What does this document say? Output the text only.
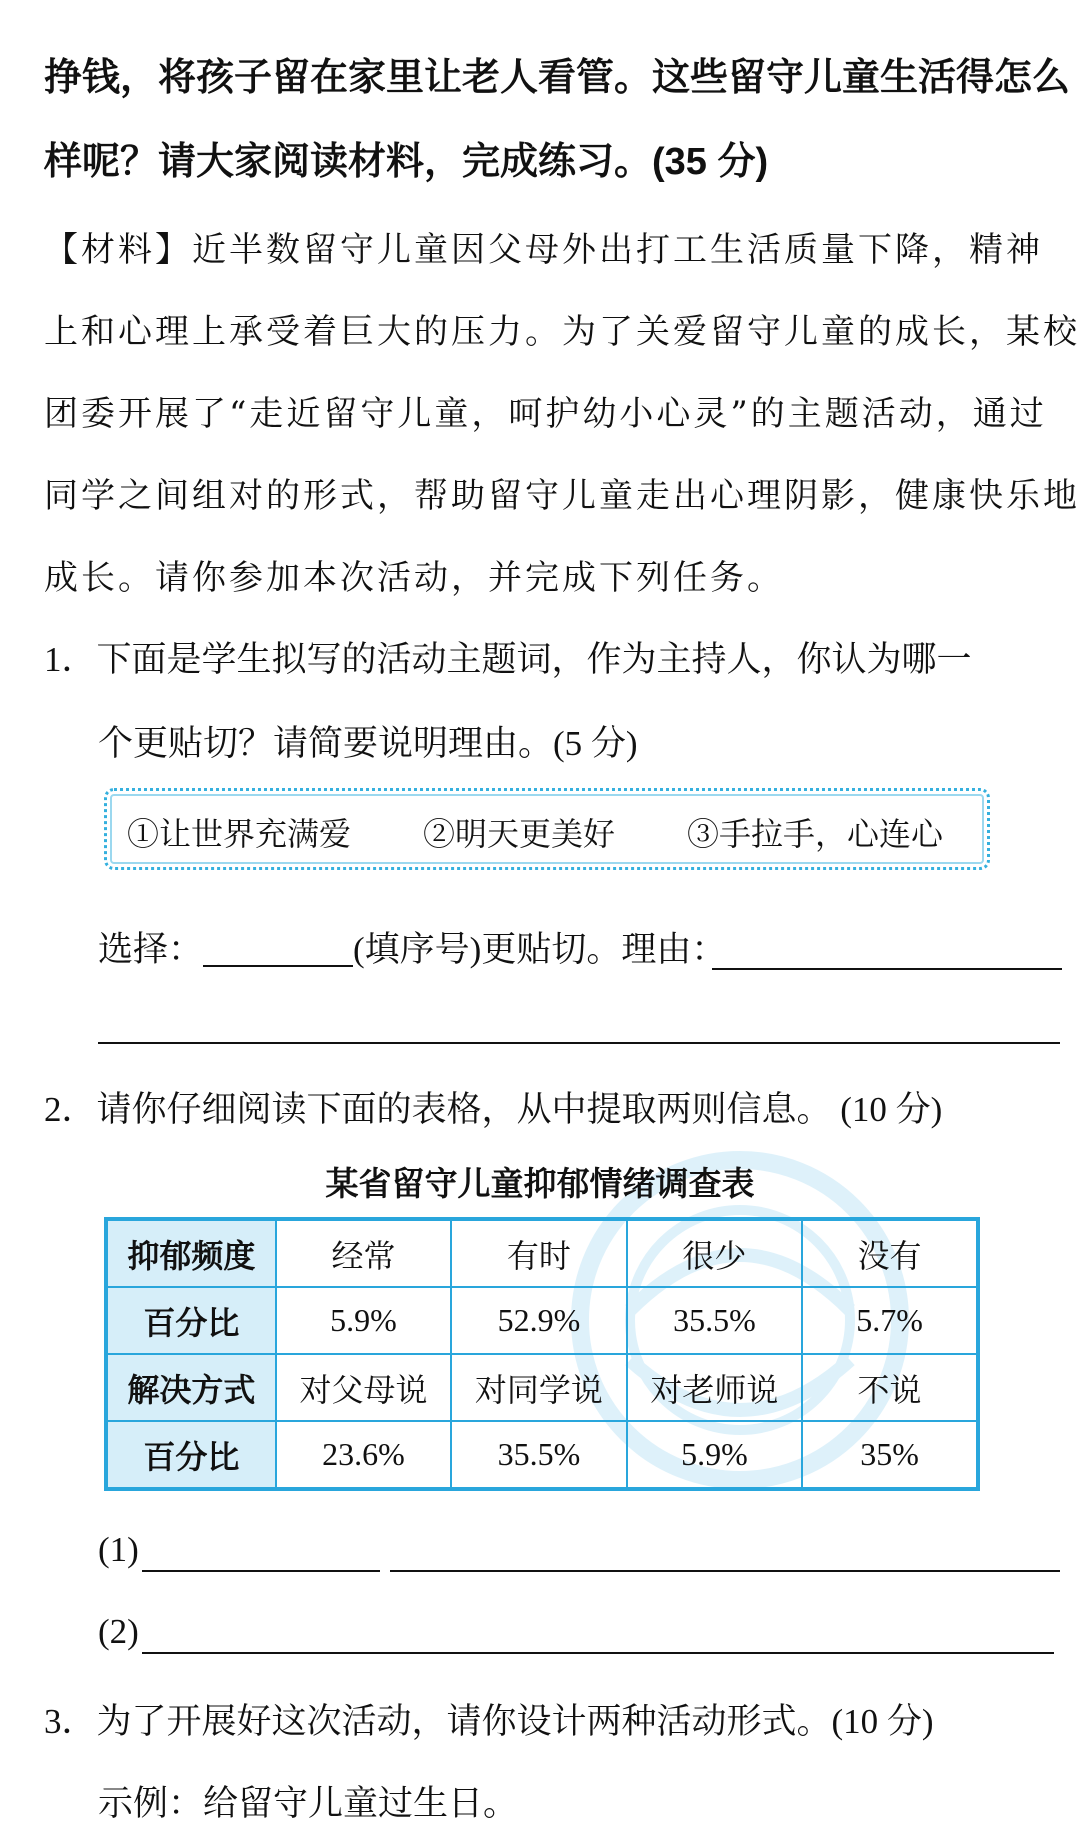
挣钱，将孩子留在家里让老人看管。这些留守儿童生活得怎么
样呢？请大家阅读材料，完成练习。(35 分)
【材料】近半数留守儿童因父母外出打工生活质量下降，精神
上和心理上承受着巨大的压力。为了关爱留守儿童的成长，某校
团委开展了“走近留守儿童，呵护幼小心灵”的主题活动，通过
同学之间组对的形式，帮助留守儿童走出心理阴影，健康快乐地
成长。请你参加本次活动，并完成下列任务。
1．下面是学生拟写的活动主题词，作为主持人，你认为哪一
个更贴切？请简要说明理由。(5 分)
①让世界充满爱 ②明天更美好 ③手拉手，心连心
选择：	(填序号)更贴切。理由：
2．请你仔细阅读下面的表格，从中提取两则信息。 (10 分)
某省留守儿童抑郁情绪调查表
抑郁频度	经常	有时	很少	没有
百分比	5.9%	52.9%	35.5%	5.7%
解决方式	对父母说	对同学说	对老师说	不说
百分比	23.6%	35.5%	5.9%	35%
(1)
(2)
3．为了开展好这次活动，请你设计两种活动形式。(10 分)
示例：给留守儿童过生日。
